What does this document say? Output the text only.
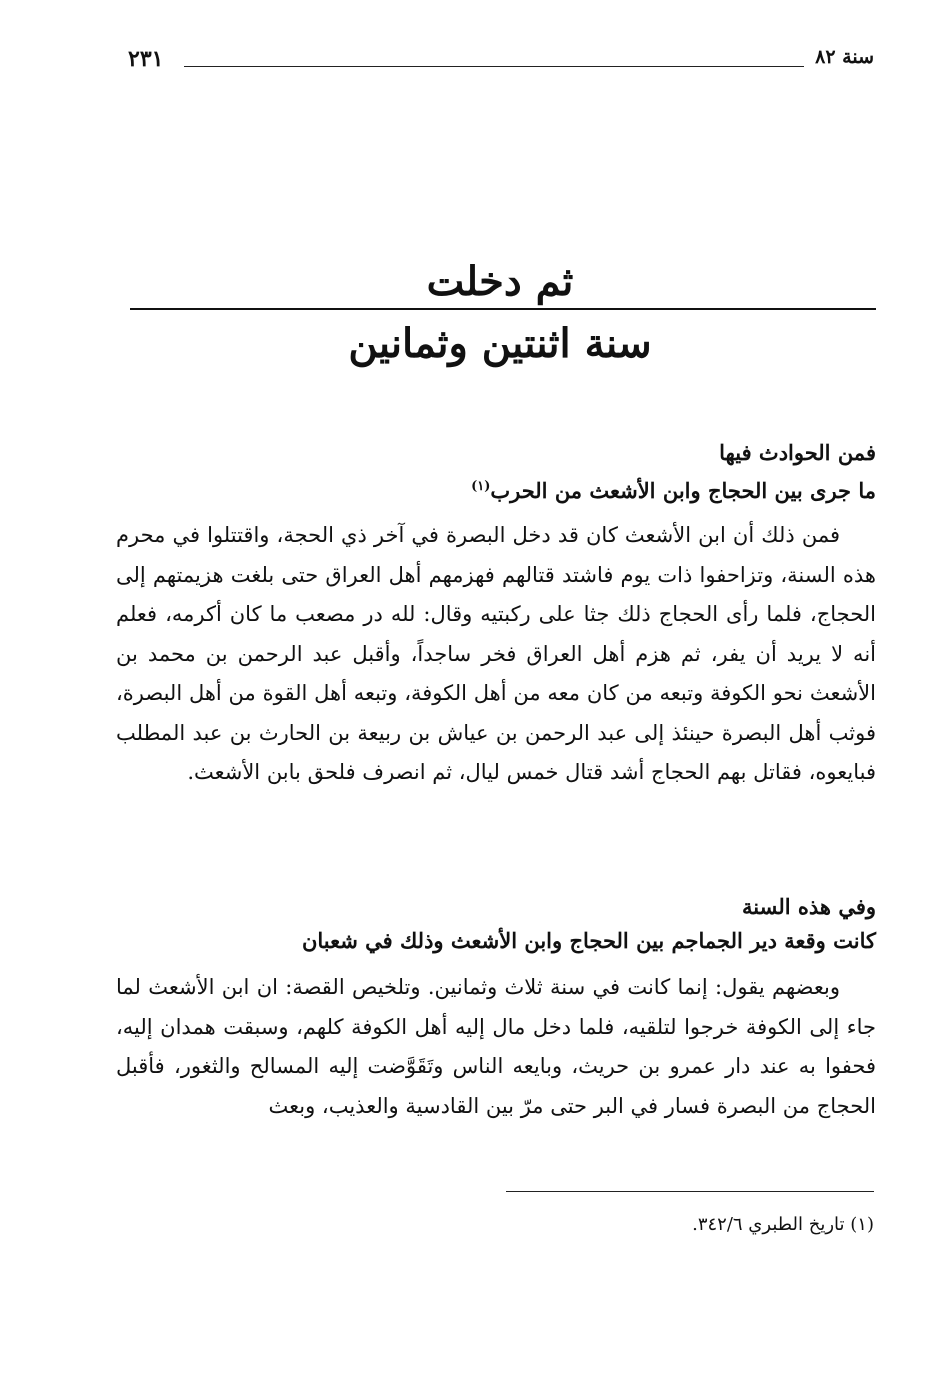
سنة ٨٢
٢٣١
ثم دخلت
سنة اثنتين وثمانين
فمن الحوادث فيها
ما جرى بين الحجاج وابن الأشعث من الحرب$^{(١)}$

فمن ذلك أن ابن الأشعث كان قد دخل البصرة في آخر ذي الحجة، واقتتلوا في محرم هذه السنة، وتزاحفوا ذات يوم فاشتد قتالهم فهزمهم أهل العراق حتى بلغت هزيمتهم إلى الحجاج، فلما رأى الحجاج ذلك جثا على ركبتيه وقال: لله در مصعب ما كان أكرمه، فعلم أنه لا يريد أن يفر، ثم هزم أهل العراق فخر ساجداً، وأقبل عبد الرحمن بن محمد بن الأشعث نحو الكوفة وتبعه من كان معه من أهل الكوفة، وتبعه أهل القوة من أهل البصرة، فوثب أهل البصرة حينئذ إلى عبد الرحمن بن عياش بن ربيعة بن الحارث بن عبد المطلب فبايعوه، فقاتل بهم الحجاج أشد قتال خمس ليال، ثم انصرف فلحق بابن الأشعث.

وفي هذه السنة
كانت وقعة دير الجماجم بين الحجاج وابن الأشعث وذلك في شعبان

وبعضهم يقول: إنما كانت في سنة ثلاث وثمانين. وتلخيص القصة: ان ابن الأشعث لما جاء إلى الكوفة خرجوا لتلقيه، فلما دخل مال إليه أهل الكوفة كلهم، وسبقت همدان إليه، فحفوا به عند دار عمرو بن حريث، وبايعه الناس وتَقَوَّضت إليه المسالح والثغور، فأقبل الحجاج من البصرة فسار في البر حتى مرّ بين القادسية والعذيب، وبعث

(١) تاريخ الطبري ٣٤٢/٦.
